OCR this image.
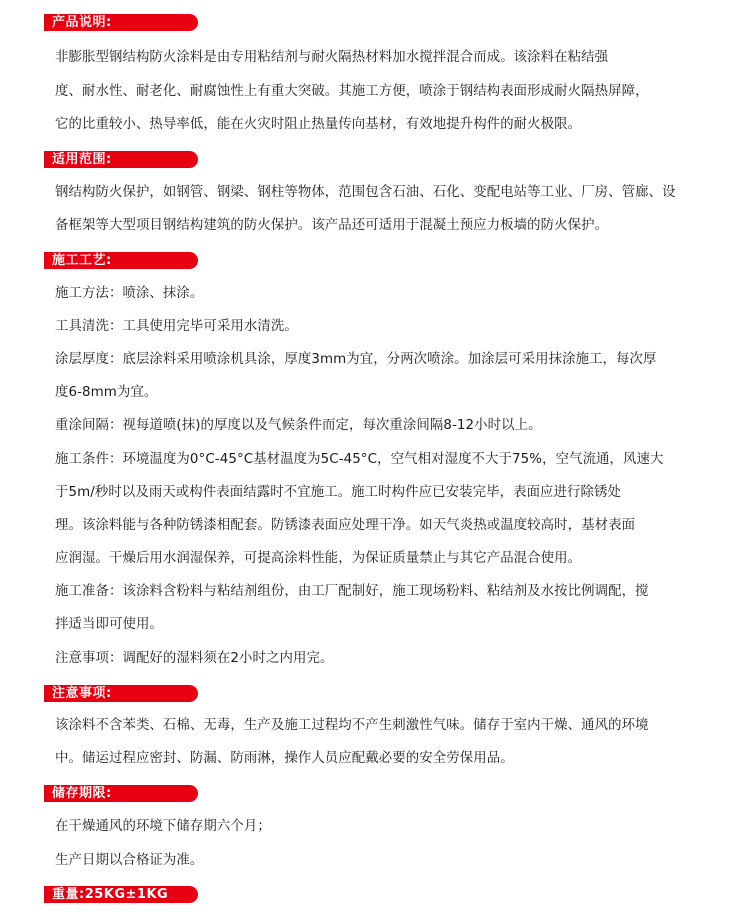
产品说明:
非膨胀型钢结构防火涂料是由专用粘结剂与耐火隔热材料加水搅拌混合而成。该涂料在粘结强
度、耐水性、耐老化、耐腐蚀性上有重大突破。其施工方便，喷涂于钢结构表面形成耐火隔热屏障，
它的比重较小、热导率低，能在火灾时阻止热量传向基材，有效地提升构件的耐火极限。
适用范围:
钢结构防火保护，如钢管、钢梁、钢柱等物体，范围包含石油、石化、变配电站等工业、厂房、管廊、设
备框架等大型项目钢结构建筑的防火保护。该产品还可适用于混凝土预应力板墙的防火保护。
施工工艺:
施工方法：喷涂、抹涂。
工具清洗：工具使用完毕可采用水清洗。
涂层厚度：底层涂料采用喷涂机具涂，厚度3mm为宜，分两次喷涂。加涂层可采用抹涂施工，每次厚
度6-8mm为宜。
重涂间隔：视每道喷(抹)的厚度以及气候条件而定，每次重涂间隔8-12小时以上。
施工条件：环境温度为0°C-45°C基材温度为5C-45°C，空气相对湿度不大于75%，空气流通，风速大
于5m/秒时以及雨天或构件表面结露时不宜施工。施工时构件应已安装完毕，表面应进行除锈处
理。该涂料能与各种防锈漆相配套。防锈漆表面应处理干净。如天气炎热或温度较高时，基材表面
应润湿。干燥后用水润湿保养，可提高涂料性能，为保证质量禁止与其它产品混合使用。
施工准备：该涂料含粉料与粘结剂组份，由工厂配制好，施工现场粉料、粘结剂及水按比例调配，搅
拌适当即可使用。
注意事项：调配好的湿料须在2小时之内用完。
注意事项:
该涂料不含苯类、石棉、无毒，生产及施工过程均不产生刺激性气味。储存于室内干燥、通风的环境
中。储运过程应密封、防漏、防雨淋，操作人员应配戴必要的安全劳保用品。
储存期限:
在干燥通风的环境下储存期六个月；
生产日期以合格证为准。
重量:25KG±1KG
